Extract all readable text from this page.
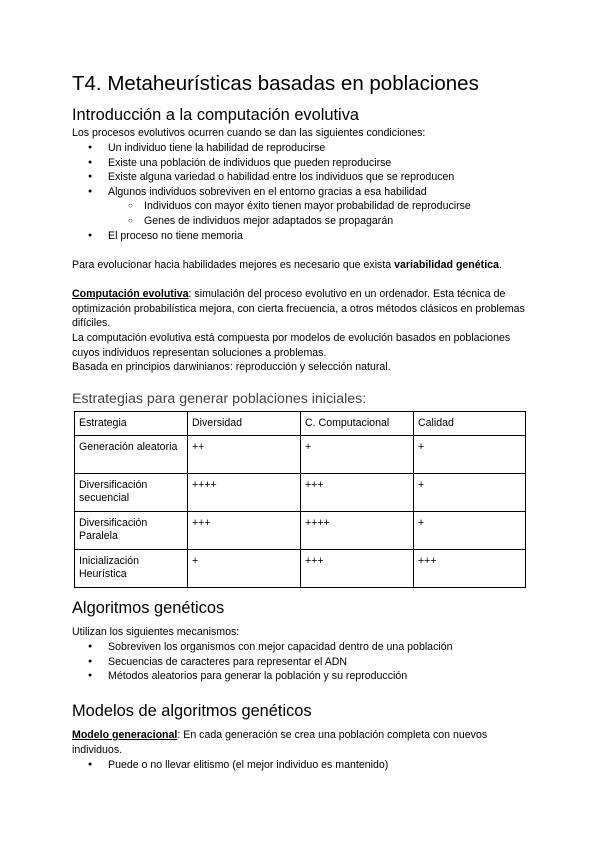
T4. Metaheurísticas basadas en poblaciones
Introducción a la computación evolutiva

Los procesos evolutivos ocurren cuando se dan las siguientes condiciones:

● Un individuo tiene la habilidad de reproducirse
● Existe una población de individuos que pueden reproducirse
● Existe alguna variedad o habilidad entre los individuos que se reproducen
● Algunos individuos sobreviven en el entorno gracias a esa habilidad
○ Individuos con mayor éxito tienen mayor probabilidad de reproducirse
○ Genes de individuos mejor adaptados se propagarán
● El proceso no tiene memoria

Para evolucionar hacia habilidades mejores es necesario que exista variabilidad genética.

Computación evolutiva: simulación del proceso evolutivo en un ordenador. Esta técnica de optimización probabilística mejora, con cierta frecuencia, a otros métodos clásicos en problemas difíciles.

La computación evolutiva está compuesta por modelos de evolución basados en poblaciones cuyos individuos representan soluciones a problemas.

Basada en principios darwinianos: reproducción y selección natural.

Estrategias para generar poblaciones iniciales:
Estrategia	Diversidad	C. Computacional	Calidad
Generación aleatoria	++	+	+
Diversificación secuencial	++++	+++	+
Diversificación Paralela	+++	++++	+
Inicialización Heurística	+	+++	+++
Algoritmos genéticos

Utilizan los siguientes mecanismos:

● Sobreviven los organismos con mejor capacidad dentro de una población
● Secuencias de caracteres para representar el ADN
● Métodos aleatorios para generar la población y su reproducción
Modelos de algoritmos genéticos

Modelo generacional: En cada generación se crea una población completa con nuevos individuos.

● Puede o no llevar elitismo (el mejor individuo es mantenido)
